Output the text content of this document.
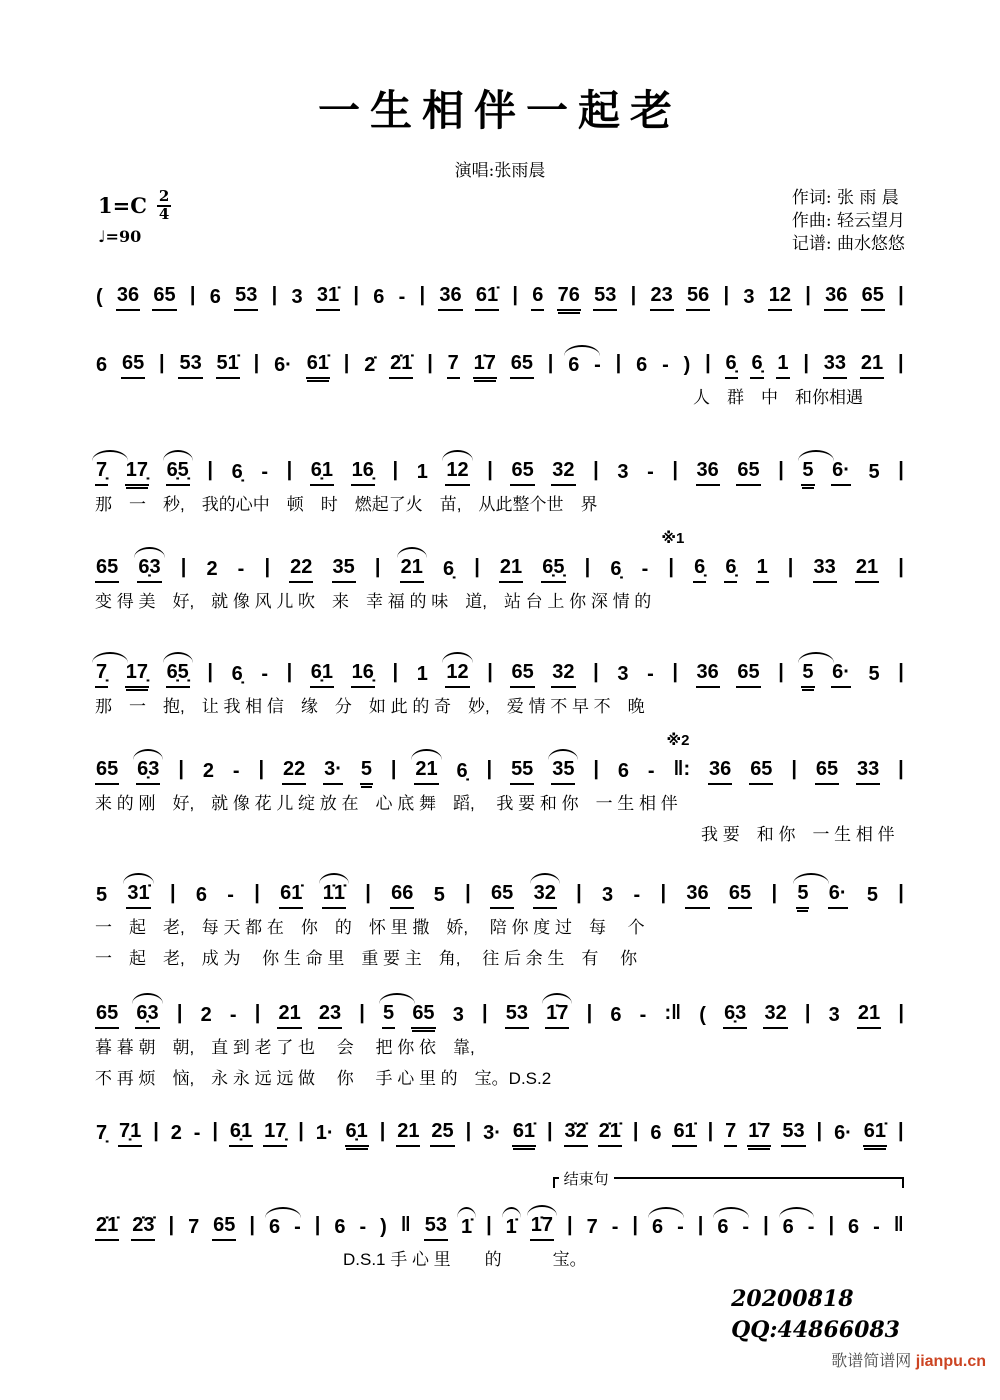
一生相伴一起老
演唱:张雨晨
$1=C \frac{2}{4}$
♩=90
作词: 张 雨 晨
作曲: 轻云望月
记谱: 曲水悠悠
( 36 65 | 6 53 | 3 31̇ | 6 - | 36 61̇ | 6 76 53 | 23 56 | 3 12 | 36 65 |
6 65 | 53 51̇ | 6· 61̇ | 2̇ 2̇1̇ | 7 1̇7 65 | 6 - | 6 - ) | 6̣ 6̣ 1 | 33 21 |
人　群　中　和你相遇
7̣ 17̣ 6̣5̣ | 6̣ - | 6̣1 16̣ | 1 12 | 65 32 | 3 - | 36 65 | 5 6· 5 |
那　一　秒,　我的心中　顿　时　燃起了火　苗,　从此整个世　界
65 6̣3 | 2 - | 22 35 | 21 6̣ | 21 6̣5̣ | 6̣ - |
※1
6̣ 6̣ 1 | 33 21 |
变 得 美　好,　就 像 风 儿 吹　来　幸 福 的 味　道,　站 台 上 你 深 情 的
7̣ 17̣ 6̣5̣ | 6̣ - | 6̣1 16̣ | 1 12 | 65 32 | 3 - | 36 65 | 5 6· 5 |
那　一　抱,　让 我 相 信　缘　分　如 此 的 奇　妙,　爱 情 不 早 不　晚
65 6̣3 | 2 - | 22 3· 5 | 21 6̣ | 55 35 | 6 - ‖:
※2
36 65 | 65 33 |
来 的 刚　好,　就 像 花 儿 绽 放 在　心 底 舞　蹈,　 我 要 和 你　一 生 相 伴
我 要　和 你　一 生 相 伴
5 31̇ | 6 - | 61̇ 1̇1̇ | 66 5 | 65 32 | 3 - | 36 65 | 5 6· 5 |
一　起　老,　每 天 都 在　你　的　怀 里 撒　娇,　 陪 你 度 过　每　 个
一　起　老,　成 为　 你 生 命 里　重 要 主　角,　 往 后 余 生　有　 你
65 6̣3 | 2 - | 21 23 | 5 65 3 | 53 1̇7 | 6 - :‖ ( 6̣3 32 | 3 21 |
暮 暮 朝　朝,　直 到 老 了 也　 会　 把 你 依　靠,
不 再 烦　恼,　永 永 远 远 做　 你　 手 心 里 的　宝。D.S.2
7̣ 7̣1 | 2 - | 6̣1 17̣ | 1· 6̣1 | 21 25 | 3· 61̇ | 3̇2̇ 2̇1̇ | 6 61̇ | 7 1̇7 53 | 6· 61̇ |
结束句
2̇1̇ 2̇3̇ | 7 65 | 6 - | 6 - ) ‖ 53 1̇ | 1̇ 1̇7 | 7 - | 6 - | 6 - | 6 - | 6 - ‖
D.S.1 手 心 里　　的　　　宝。
20200818
QQ:44866083
歌谱简谱网 jianpu.cn
